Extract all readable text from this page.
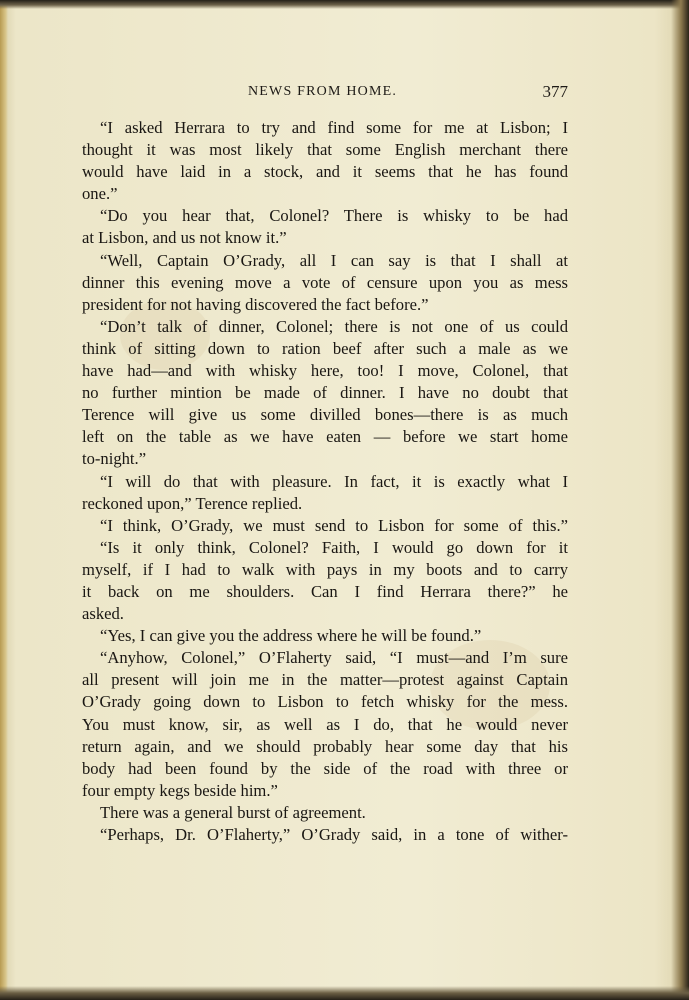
NEWS FROM HOME.	377
“I asked Herrara to try and find some for me at Lisbon; I
thought it was most likely that some English merchant there
would have laid in a stock, and it seems that he has found
one.”
“Do you hear that, Colonel? There is whisky to be had
at Lisbon, and us not know it.”
“Well, Captain O’Grady, all I can say is that I shall at
dinner this evening move a vote of censure upon you as mess
president for not having discovered the fact before.”
“Don’t talk of dinner, Colonel; there is not one of us could
think of sitting down to ration beef after such a male as we
have had—and with whisky here, too! I move, Colonel, that
no further mintion be made of dinner. I have no doubt that
Terence will give us some divilled bones—there is as much
left on the table as we have eaten — before we start home
to-night.”
“I will do that with pleasure. In fact, it is exactly what I
reckoned upon,” Terence replied.
“I think, O’Grady, we must send to Lisbon for some of this.”
“Is it only think, Colonel? Faith, I would go down for it
myself, if I had to walk with pays in my boots and to carry
it back on me shoulders. Can I find Herrara there?” he
asked.
“Yes, I can give you the address where he will be found.”
“Anyhow, Colonel,” O’Flaherty said, “I must—and I’m sure
all present will join me in the matter—protest against Captain
O’Grady going down to Lisbon to fetch whisky for the mess.
You must know, sir, as well as I do, that he would never
return again, and we should probably hear some day that his
body had been found by the side of the road with three or
four empty kegs beside him.”
There was a general burst of agreement.
“Perhaps, Dr. O’Flaherty,” O’Grady said, in a tone of wither-
